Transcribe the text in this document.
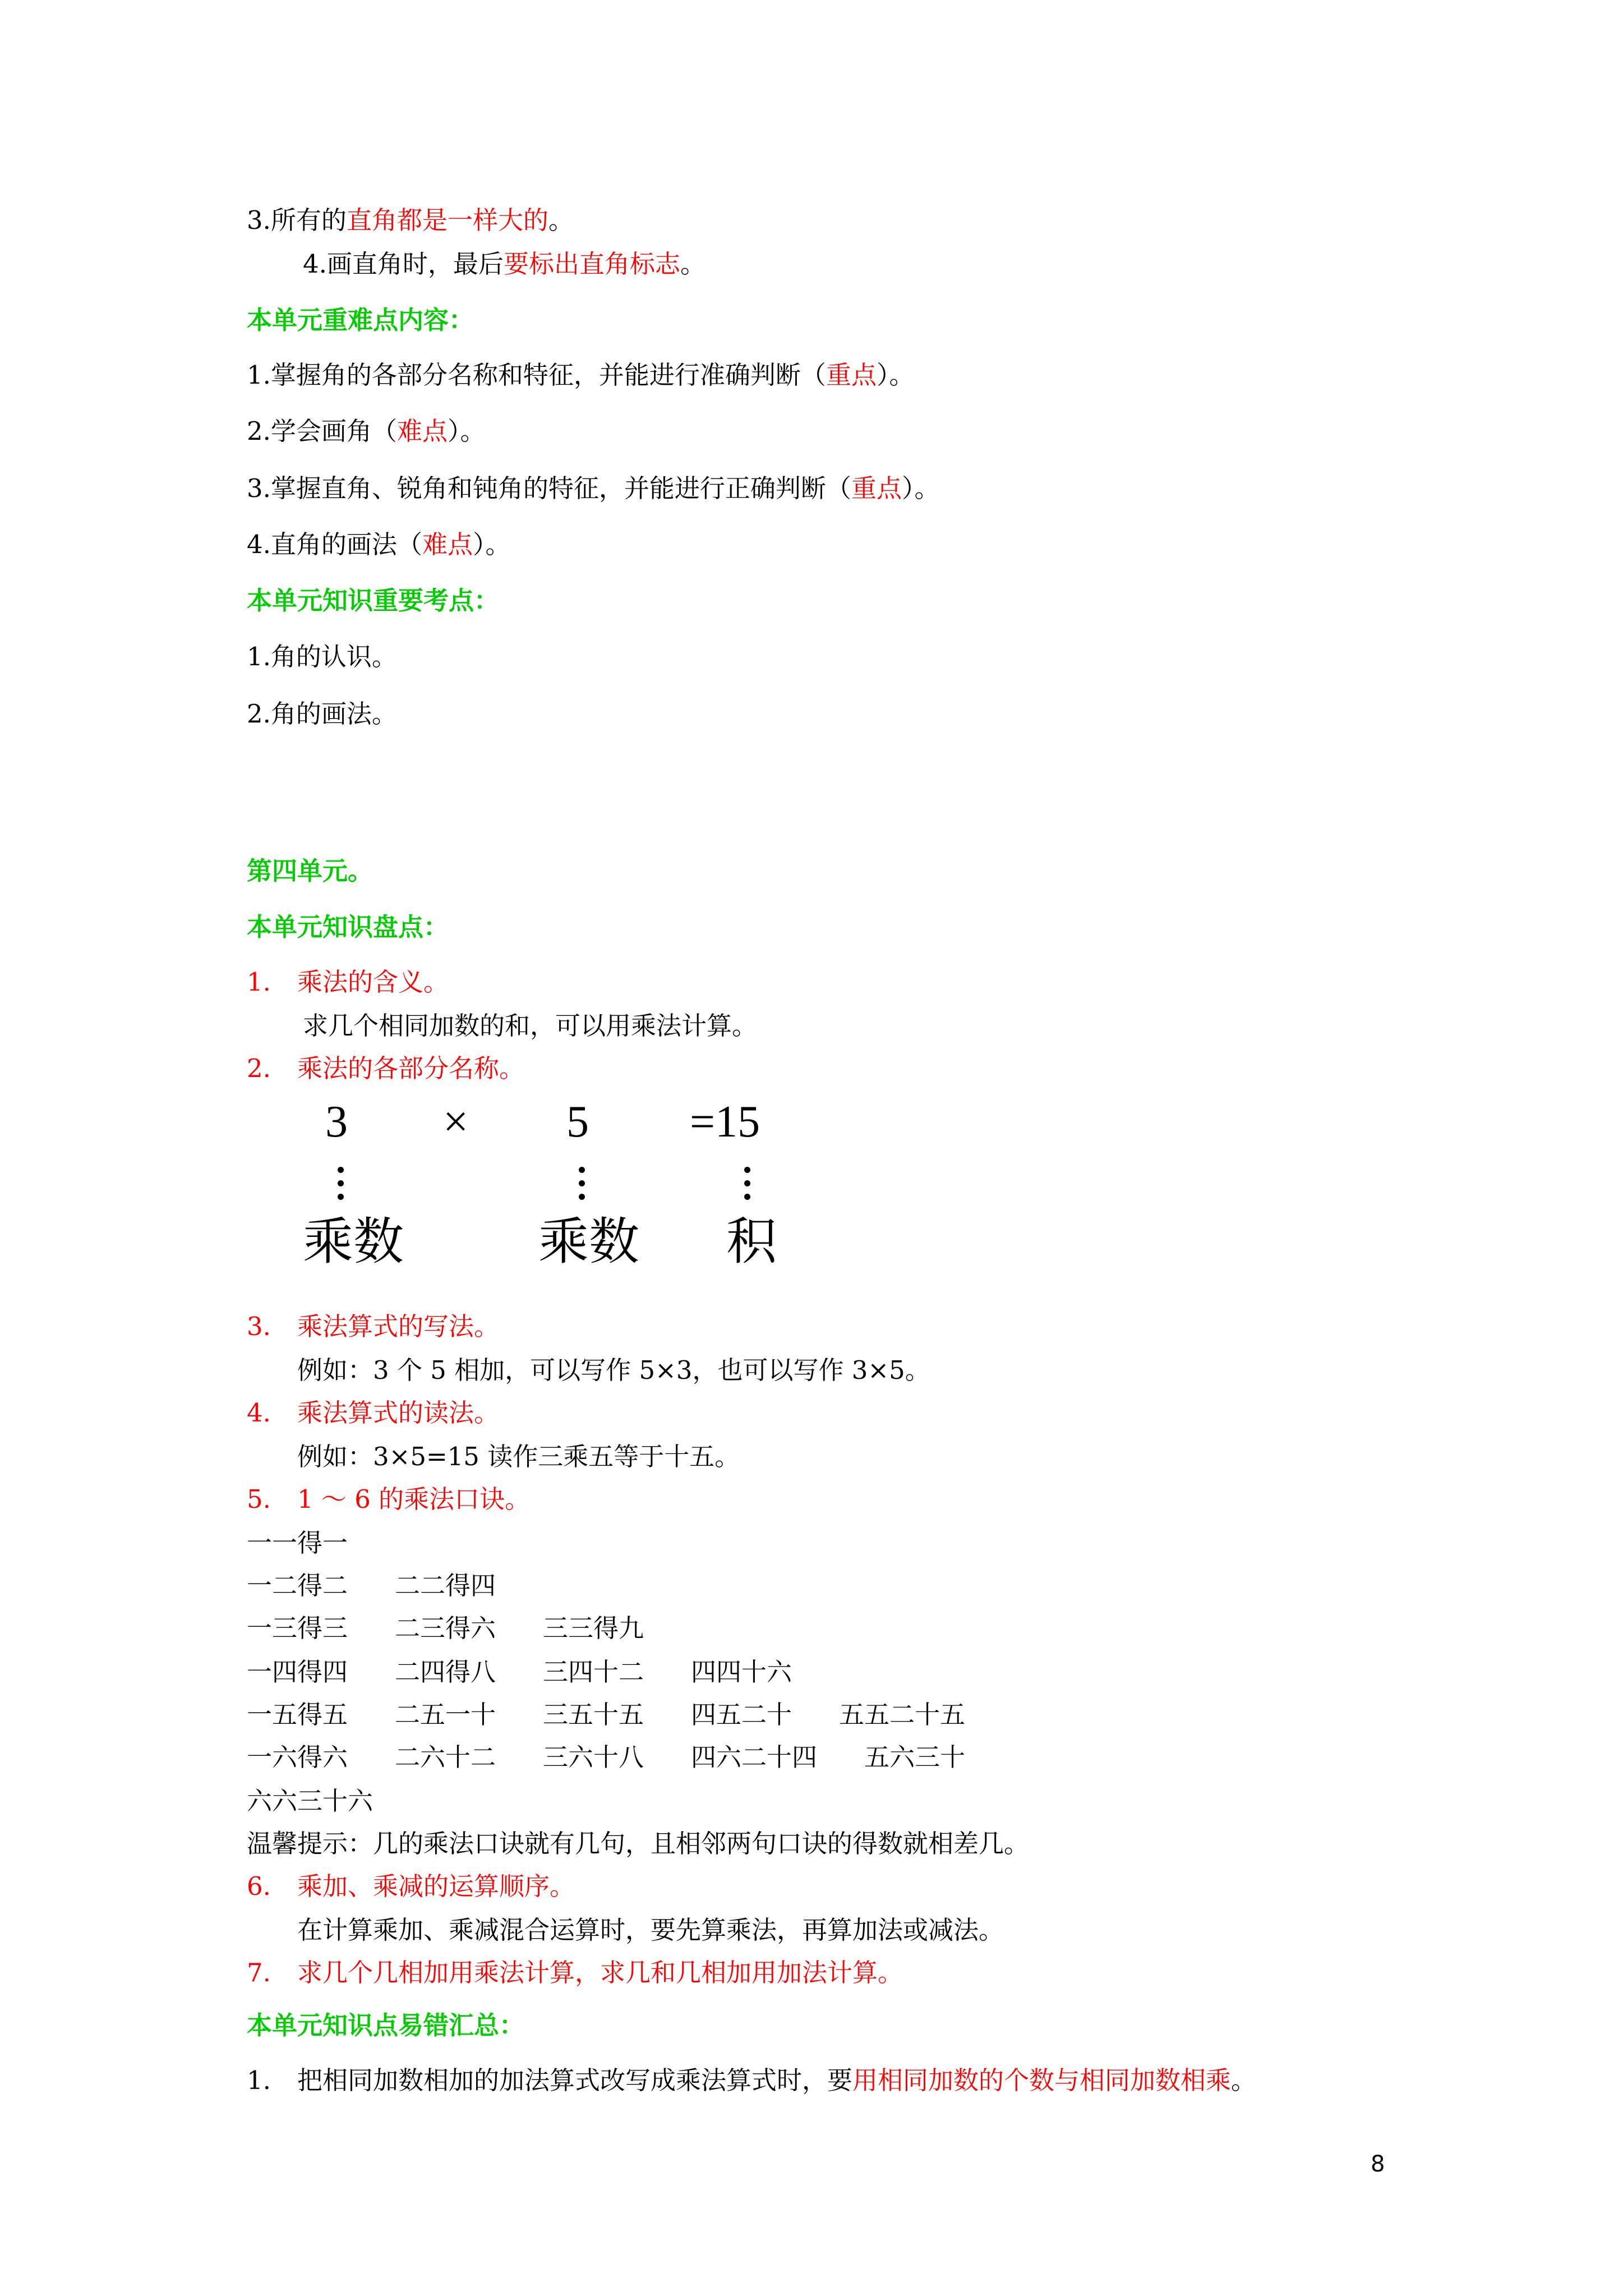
3.所有的直角都是一样大的。
4.画直角时，最后要标出直角标志。
本单元重难点内容：
1.掌握角的各部分名称和特征，并能进行准确判断（重点）。
2.学会画角（难点）。
3.掌握直角、锐角和钝角的特征，并能进行正确判断（重点）。
4.直角的画法（难点）。
本单元知识重要考点：
1.角的认识。
2.角的画法。
第四单元。
本单元知识盘点：
1. 乘法的含义。
求几个相同加数的和，可以用乘法计算。
2. 乘法的各部分名称。
3 × 5 =15
乘数	乘数 积
3. 乘法算式的写法。
例如：3 个 5 相加，可以写作 5×3，也可以写作 3×5。
4. 乘法算式的读法。
例如：3×5=15 读作三乘五等于十五。
5. 1 ～ 6 的乘法口诀。
一一得一
一二得二 二二得四
一三得三 二三得六 三三得九
一四得四 二四得八 三四十二 四四十六
一五得五 二五一十 三五十五 四五二十 五五二十五
一六得六 二六十二 三六十八 四六二十四 五六三十
六六三十六
温馨提示：几的乘法口诀就有几句，且相邻两句口诀的得数就相差几。
6. 乘加、乘减的运算顺序。
在计算乘加、乘减混合运算时，要先算乘法，再算加法或减法。
7. 求几个几相加用乘法计算，求几和几相加用加法计算。
本单元知识点易错汇总：
1. 把相同加数相加的加法算式改写成乘法算式时，要用相同加数的个数与相同加数相乘。
8
